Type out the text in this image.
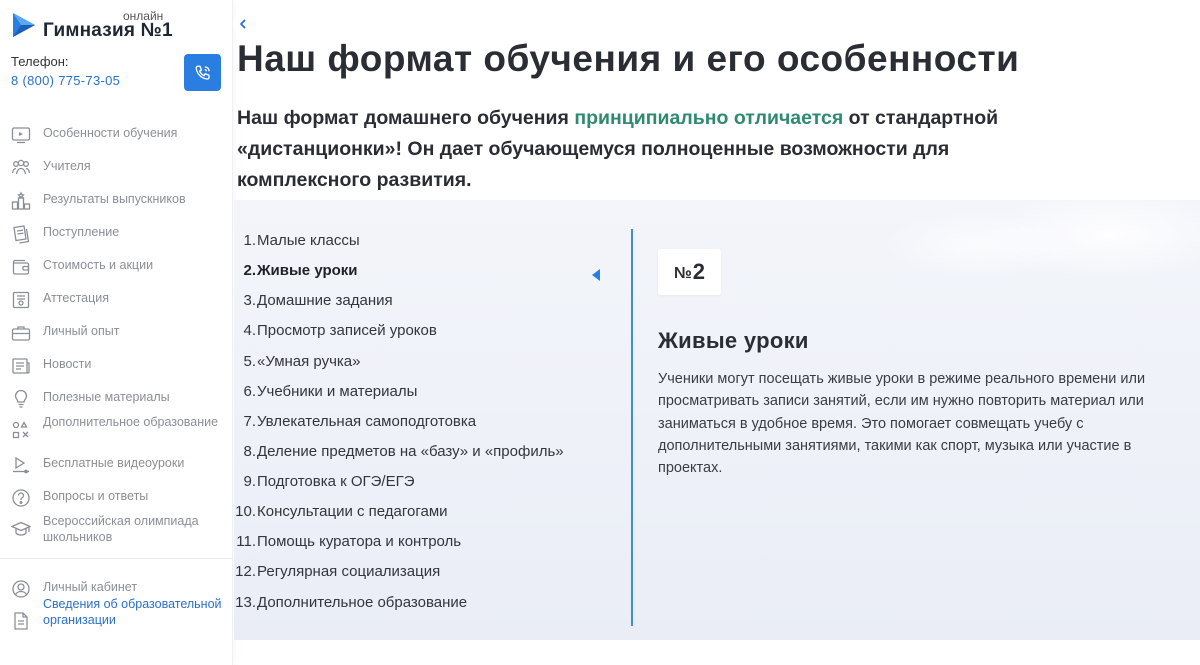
онлайн
Гимназия №1
Телефон:
8 (800) 775-73-05
Особенности обучения
Учителя
Результаты выпускников
Поступление
Стоимость и акции
Аттестация
Личный опыт
Новости
Полезные материалы
Дополнительное образование
Бесплатные видеоуроки
Вопросы и ответы
Всероссийская олимпиада школьников
Личный кабинет
Сведения об образовательной организации
Наш формат обучения и его особенности

Наш формат домашнего обучения принципиально отличается от стандартной «дистанционки»! Он дает обучающемуся полноценные возможности для комплексного развития.

1. Малые классы
2. Живые уроки
3. Домашние задания
4. Просмотр записей уроков
5. «Умная ручка»
6. Учебники и материалы
7. Увлекательная самоподготовка
8. Деление предметов на «базу» и «профиль»
9. Подготовка к ОГЭ/ЕГЭ
10. Консультации с педагогами
11. Помощь куратора и контроль
12. Регулярная социализация
13. Дополнительное образование
№ 2
Живые уроки

Ученики могут посещать живые уроки в режиме реального времени или просматривать записи занятий, если им нужно повторить материал или заниматься в удобное время. Это помогает совмещать учебу с дополнительными занятиями, такими как спорт, музыка или участие в проектах.
